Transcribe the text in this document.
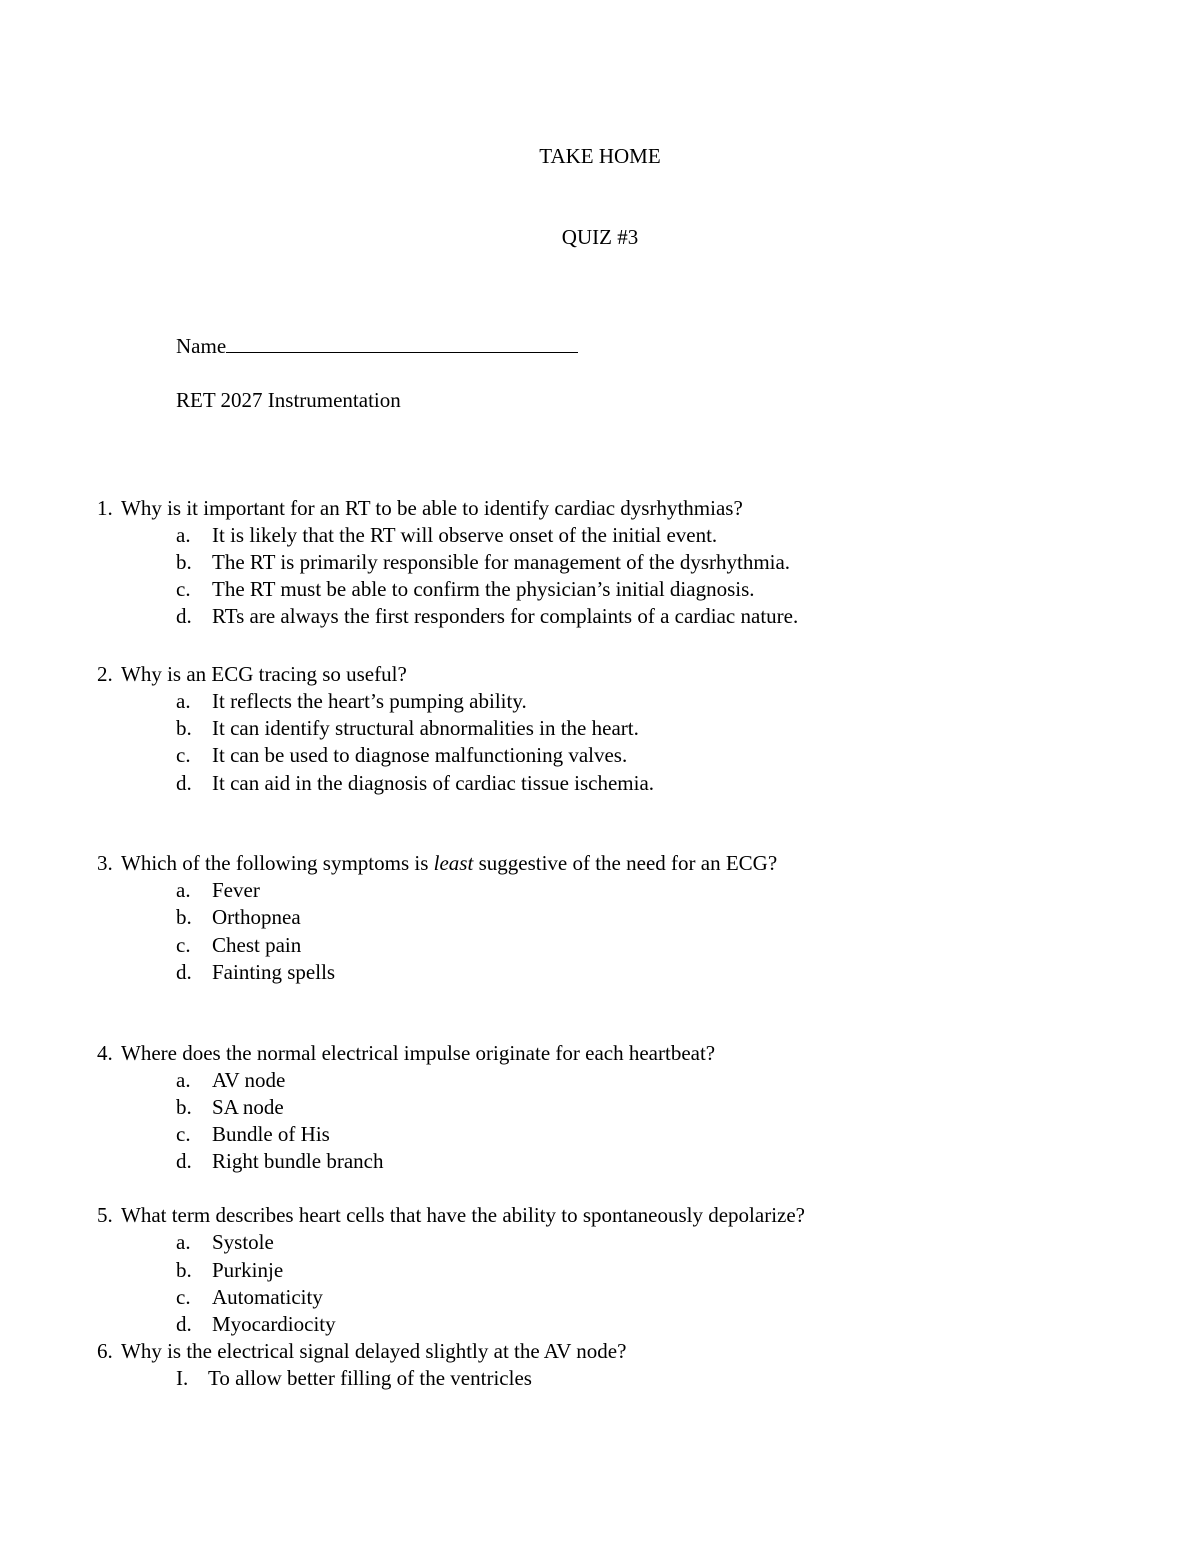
TAKE HOME
QUIZ #3
Name
RET 2027 Instrumentation
1. Why is it important for an RT to be able to identify cardiac dysrhythmias?
a. It is likely that the RT will observe onset of the initial event.
b. The RT is primarily responsible for management of the dysrhythmia.
c. The RT must be able to confirm the physician’s initial diagnosis.
d. RTs are always the first responders for complaints of a cardiac nature.
2. Why is an ECG tracing so useful?
a. It reflects the heart’s pumping ability.
b. It can identify structural abnormalities in the heart.
c. It can be used to diagnose malfunctioning valves.
d. It can aid in the diagnosis of cardiac tissue ischemia.
3. Which of the following symptoms is least suggestive of the need for an ECG?
a. Fever
b. Orthopnea
c. Chest pain
d. Fainting spells
4. Where does the normal electrical impulse originate for each heartbeat?
a. AV node
b. SA node
c. Bundle of His
d. Right bundle branch
5. What term describes heart cells that have the ability to spontaneously depolarize?
a. Systole
b. Purkinje
c. Automaticity
d. Myocardiocity
6. Why is the electrical signal delayed slightly at the AV node?
I. To allow better filling of the ventricles
